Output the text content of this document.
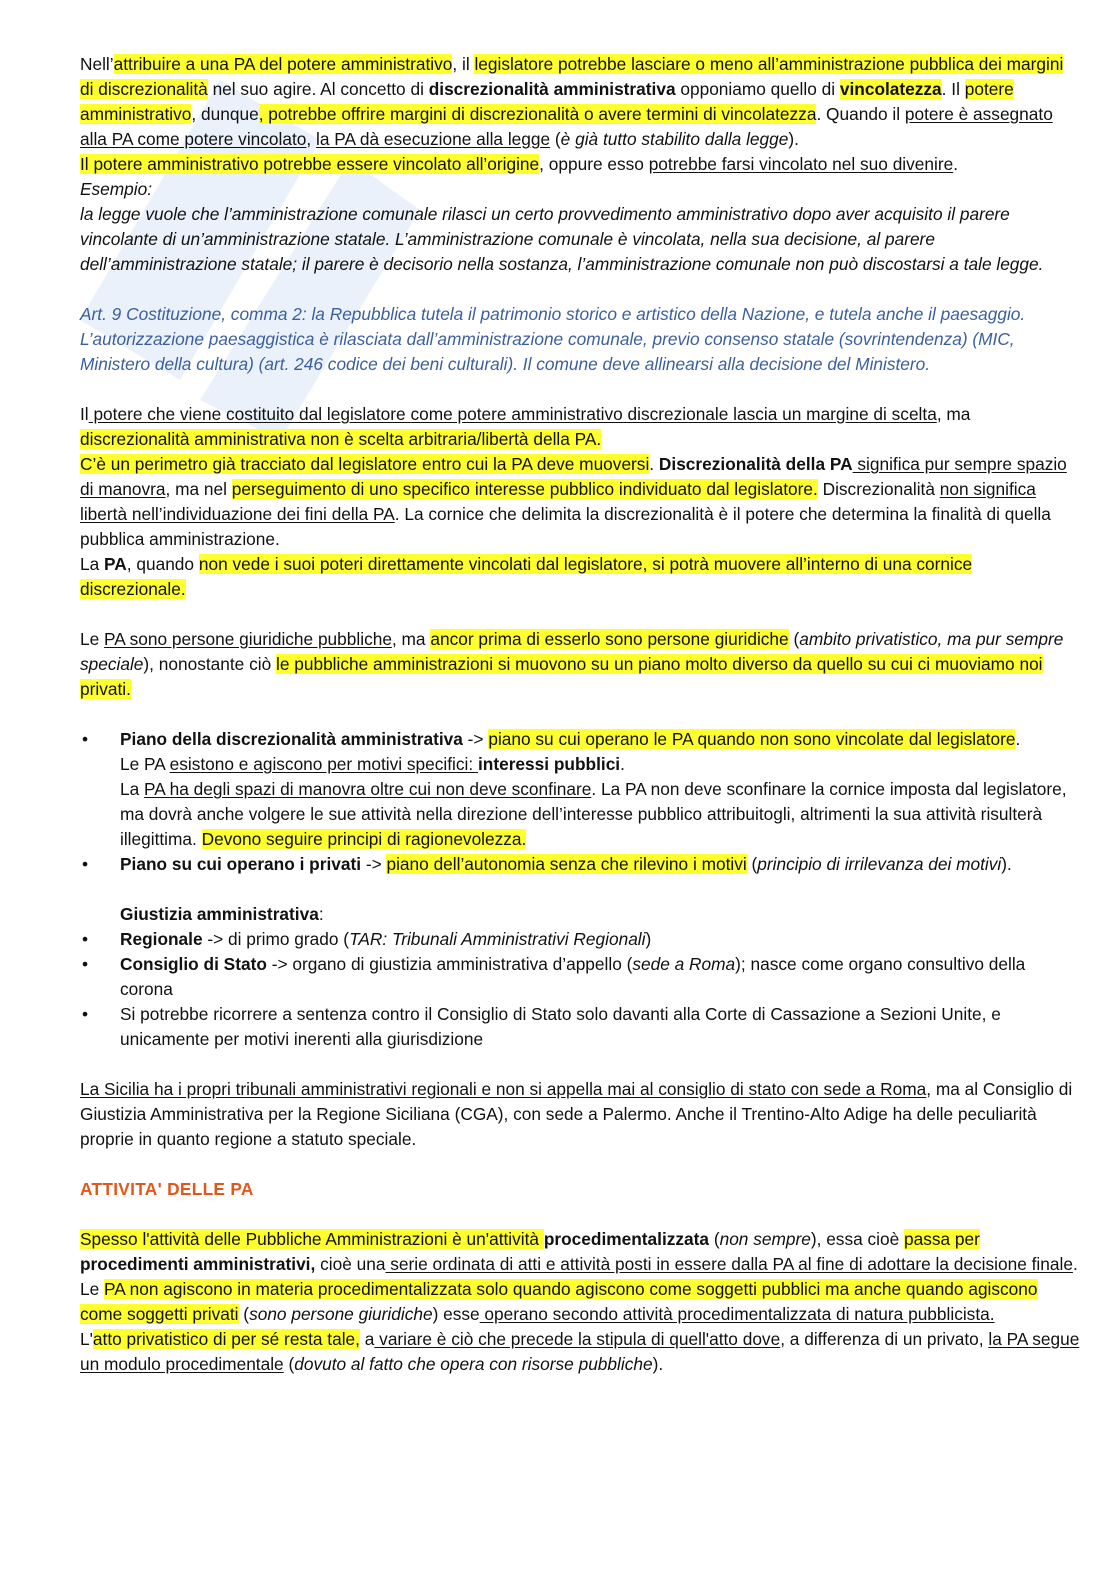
Nell’attribuire a una PA del potere amministrativo, il legislatore potrebbe lasciare o meno all’amministrazione pubblica dei margini di discrezionalità nel suo agire. Al concetto di discrezionalità amministrativa opponiamo quello di vincolatezza. Il potere amministrativo, dunque, potrebbe offrire margini di discrezionalità o avere termini di vincolatezza. Quando il potere è assegnato alla PA come potere vincolato, la PA dà esecuzione alla legge (è già tutto stabilito dalla legge).

Il potere amministrativo potrebbe essere vincolato all’origine, oppure esso potrebbe farsi vincolato nel suo divenire.

Esempio:

la legge vuole che l’amministrazione comunale rilasci un certo provvedimento amministrativo dopo aver acquisito il parere vincolante di un’amministrazione statale. L’amministrazione comunale è vincolata, nella sua decisione, al parere dell’amministrazione statale; il parere è decisorio nella sostanza, l’amministrazione comunale non può discostarsi a tale legge.

Art. 9 Costituzione, comma 2: la Repubblica tutela il patrimonio storico e artistico della Nazione, e tutela anche il paesaggio. L’autorizzazione paesaggistica è rilasciata dall’amministrazione comunale, previo consenso statale (sovrintendenza) (MIC, Ministero della cultura) (art. 246 codice dei beni culturali). Il comune deve allinearsi alla decisione del Ministero.

Il potere che viene costituito dal legislatore come potere amministrativo discrezionale lascia un margine di scelta, ma discrezionalità amministrativa non è scelta arbitraria/libertà della PA.
C’è un perimetro già tracciato dal legislatore entro cui la PA deve muoversi. Discrezionalità della PA significa pur sempre spazio di manovra, ma nel perseguimento di uno specifico interesse pubblico individuato dal legislatore. Discrezionalità non significa libertà nell’individuazione dei fini della PA. La cornice che delimita la discrezionalità è il potere che determina la finalità di quella pubblica amministrazione.
La PA, quando non vede i suoi poteri direttamente vincolati dal legislatore, si potrà muovere all’interno di una cornice discrezionale.

Le PA sono persone giuridiche pubbliche, ma ancor prima di esserlo sono persone giuridiche (ambito privatistico, ma pur sempre speciale), nonostante ciò le pubbliche amministrazioni si muovono su un piano molto diverso da quello su cui ci muoviamo noi privati.

• Piano della discrezionalità amministrativa -> piano su cui operano le PA quando non sono vincolate dal legislatore.
Le PA esistono e agiscono per motivi specifici: interessi pubblici.
La PA ha degli spazi di manovra oltre cui non deve sconfinare. La PA non deve sconfinare la cornice imposta dal legislatore, ma dovrà anche volgere le sue attività nella direzione dell’interesse pubblico attribuitogli, altrimenti la sua attività risulterà illegittima. Devono seguire principi di ragionevolezza.
• Piano su cui operano i privati -> piano dell’autonomia senza che rilevino i motivi (principio di irrilevanza dei motivi).

Giustizia amministrativa:

• Regionale -> di primo grado (TAR: Tribunali Amministrativi Regionali)
• Consiglio di Stato -> organo di giustizia amministrativa d’appello (sede a Roma); nasce come organo consultivo della corona
• Si potrebbe ricorrere a sentenza contro il Consiglio di Stato solo davanti alla Corte di Cassazione a Sezioni Unite, e unicamente per motivi inerenti alla giurisdizione

La Sicilia ha i propri tribunali amministrativi regionali e non si appella mai al consiglio di stato con sede a Roma, ma al Consiglio di Giustizia Amministrativa per la Regione Siciliana (CGA), con sede a Palermo. Anche il Trentino-Alto Adige ha delle peculiarità proprie in quanto regione a statuto speciale.

ATTIVITA' DELLE PA

Spesso l'attività delle Pubbliche Amministrazioni è un'attività procedimentalizzata (non sempre), essa cioè passa per procedimenti amministrativi, cioè una serie ordinata di atti e attività posti in essere dalla PA al fine di adottare la decisione finale.
Le PA non agiscono in materia procedimentalizzata solo quando agiscono come soggetti pubblici ma anche quando agiscono come soggetti privati (sono persone giuridiche) esse operano secondo attività procedimentalizzata di natura pubblicista.
L'atto privatistico di per sé resta tale, a variare è ciò che precede la stipula di quell'atto dove, a differenza di un privato, la PA segue un modulo procedimentale (dovuto al fatto che opera con risorse pubbliche).
